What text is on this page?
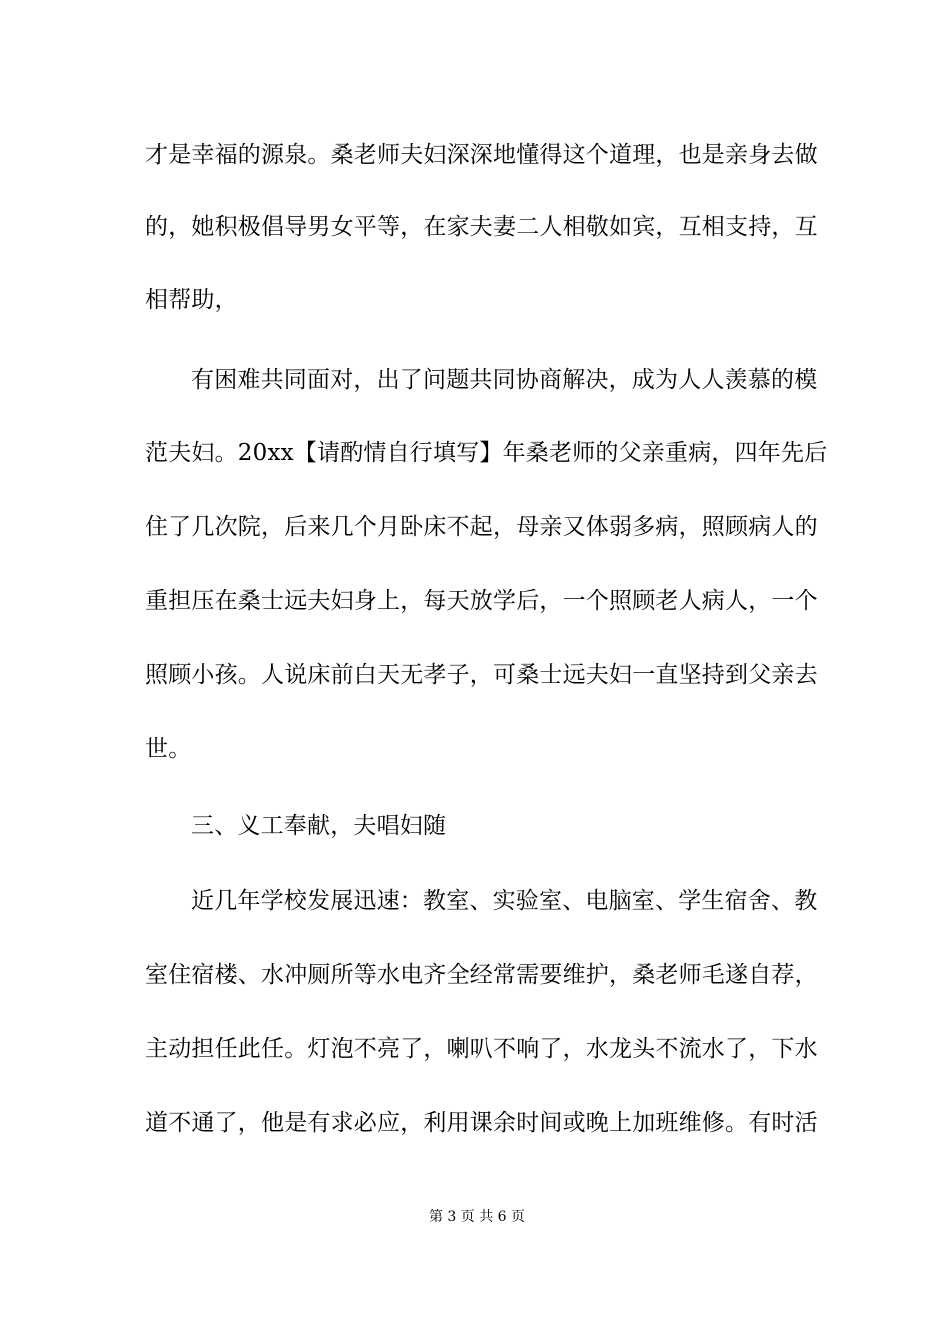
才是幸福的源泉。桑老师夫妇深深地懂得这个道理，也是亲身去做
的，她积极倡导男女平等，在家夫妻二人相敬如宾，互相支持，互
相帮助，
有困难共同面对，出了问题共同协商解决，成为人人羡慕的模
范夫妇。20xx【请酌情自行填写】年桑老师的父亲重病，四年先后
住了几次院，后来几个月卧床不起，母亲又体弱多病，照顾病人的
重担压在桑士远夫妇身上，每天放学后，一个照顾老人病人，一个
照顾小孩。人说床前白天无孝子，可桑士远夫妇一直坚持到父亲去
世。
三、义工奉献，夫唱妇随
近几年学校发展迅速：教室、实验室、电脑室、学生宿舍、教
室住宿楼、水冲厕所等水电齐全经常需要维护，桑老师毛遂自荐，
主动担任此任。灯泡不亮了，喇叭不响了，水龙头不流水了，下水
道不通了，他是有求必应，利用课余时间或晚上加班维修。有时活
第 3 页 共 6 页
